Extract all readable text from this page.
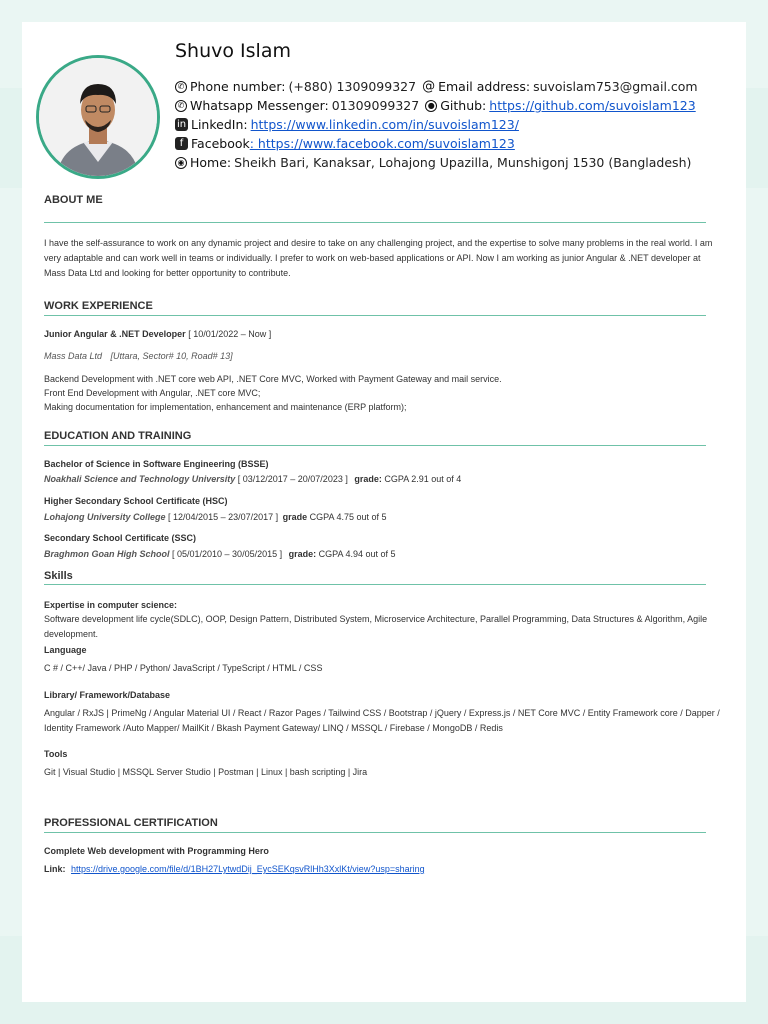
Shuvo Islam
✆ Phone number: (+880) 1309099327 @ Email address: suvoislam753@gmail.com
✆ Whatsapp Messenger: 01309099327	● Github: https://github.com/suvoislam123
in LinkedIn: https://www.linkedin.com/in/suvoislam123/
f Facebook : https://www.facebook.com/suvoislam123
◉ Home: Sheikh Bari, Kanaksar, Lohajong Upazilla, Munshigonj 1530 (Bangladesh)
ABOUT ME
I have the self-assurance to work on any dynamic project and desire to take on any challenging project, and the expertise to solve many problems in the real world. I am very adaptable and can work well in teams or individually. I prefer to work on web-based applications or API. Now I am working as junior Angular & .NET developer at Mass Data Ltd and looking for better opportunity to contribute.
WORK EXPERIENCE
Junior Angular & .NET Developer [ 10/01/2022 – Now ]
Mass Data Ltd [Uttara, Sector# 10, Road# 13]
Backend Development with .NET core web API, .NET Core MVC, Worked with Payment Gateway and mail service.
Front End Development with Angular, .NET core MVC;
Making documentation for implementation, enhancement and maintenance (ERP platform);
EDUCATION AND TRAINING
Bachelor of Science in Software Engineering (BSSE)
Noakhali Science and Technology University [ 03/12/2017 – 20/07/2023 ] grade: CGPA 2.91 out of 4
Higher Secondary School Certificate (HSC)
Lohajong University College [ 12/04/2015 – 23/07/2017 ] grade CGPA 4.75 out of 5
Secondary School Certificate (SSC)
Braghmon Goan High School [ 05/01/2010 – 30/05/2015 ] grade: CGPA 4.94 out of 5
Skills
Expertise in computer science:
Software development life cycle(SDLC), OOP, Design Pattern, Distributed System, Microservice Architecture, Parallel Programming, Data Structures & Algorithm, Agile development.
Language
C # / C++/ Java / PHP / Python/ JavaScript / TypeScript / HTML / CSS
Library/ Framework/Database
Angular / RxJS | PrimeNg / Angular Material UI / React / Razor Pages / Tailwind CSS / Bootstrap / jQuery / Express.js / NET Core MVC / Entity Framework core / Dapper / Identity Framework /Auto Mapper/ MailKit / Bkash Payment Gateway/ LINQ / MSSQL / Firebase / MongoDB / Redis
Tools
Git | Visual Studio | MSSQL Server Studio | Postman | Linux | bash scripting | Jira
PROFESSIONAL CERTIFICATION
Complete Web development with Programming Hero
Link: https://drive.google.com/file/d/1BH27LytwdDij_EycSEKqsvRlHh3XxlKt/view?usp=sharing
